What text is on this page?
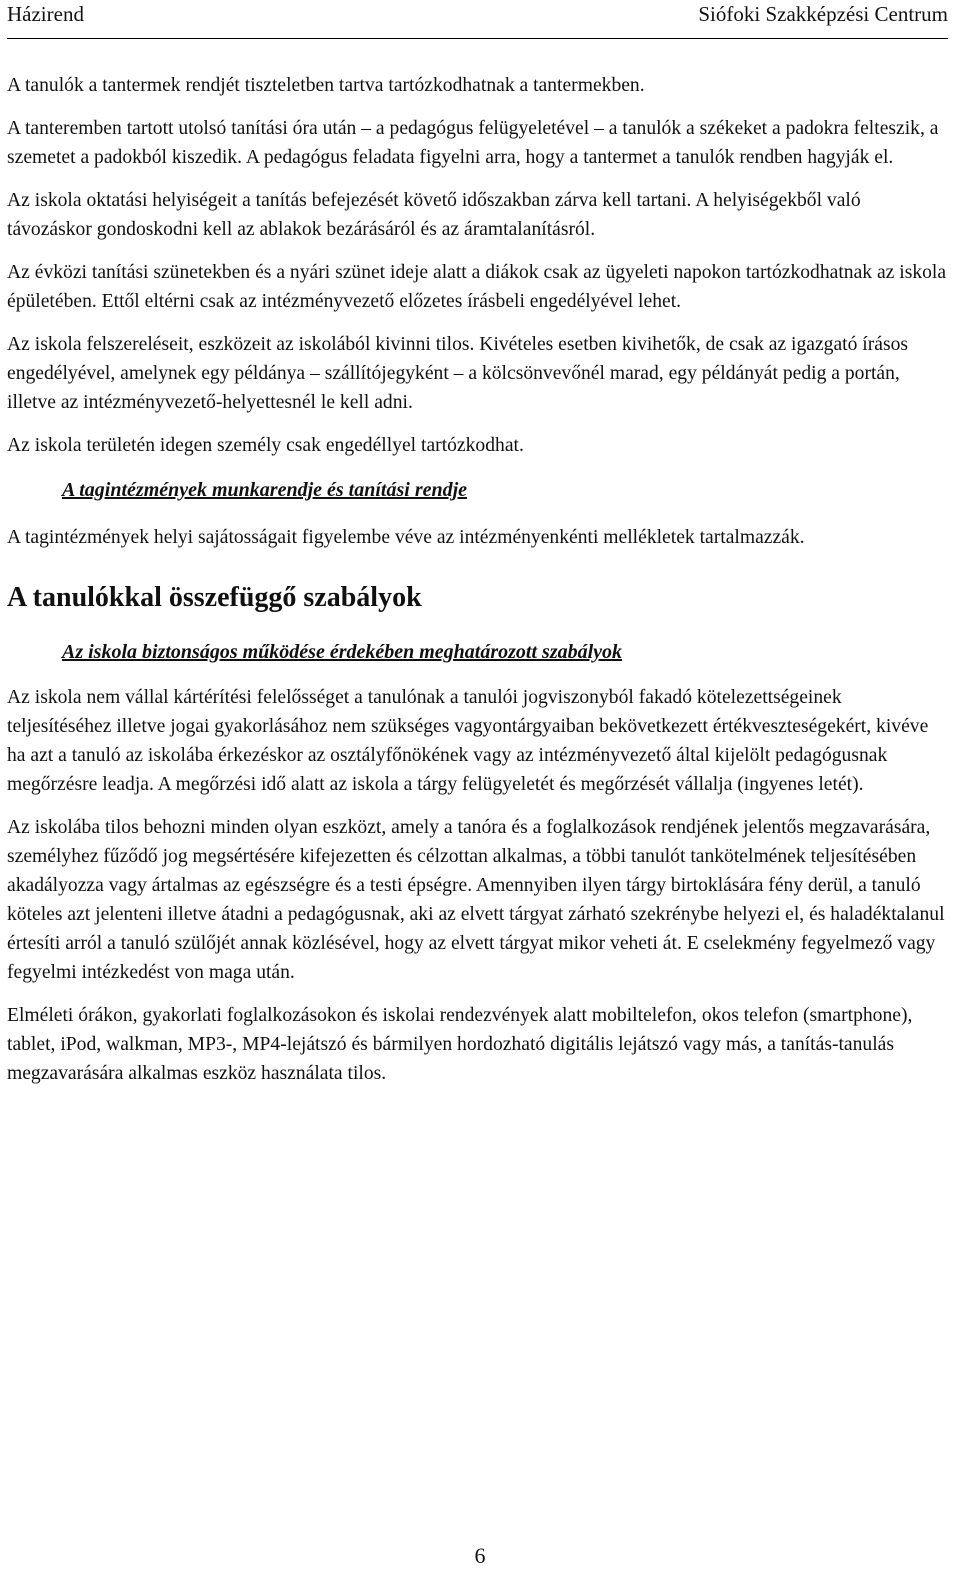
Házirend	Siófoki Szakképzési Centrum

A tanulók a tantermek rendjét tiszteletben tartva tartózkodhatnak a tantermekben.

A tanteremben tartott utolsó tanítási óra után – a pedagógus felügyeletével – a tanulók a székeket a padokra felteszik, a szemetet a padokból kiszedik. A pedagógus feladata figyelni arra, hogy a tantermet a tanulók rendben hagyják el.

Az iskola oktatási helyiségeit a tanítás befejezését követő időszakban zárva kell tartani. A helyiségekből való távozáskor gondoskodni kell az ablakok bezárásáról és az áramtalanításról.

Az évközi tanítási szünetekben és a nyári szünet ideje alatt a diákok csak az ügyeleti napokon tartózkodhatnak az iskola épületében. Ettől eltérni csak az intézményvezető előzetes írásbeli engedélyével lehet.

Az iskola felszereléseit, eszközeit az iskolából kivinni tilos. Kivételes esetben kivihetők, de csak az igazgató írásos engedélyével, amelynek egy példánya – szállítójegyként – a kölcsönvevőnél marad, egy példányát pedig a portán, illetve az intézményvezető-helyettesnél le kell adni.

Az iskola területén idegen személy csak engedéllyel tartózkodhat.

A tagintézmények munkarendje és tanítási rendje

A tagintézmények helyi sajátosságait figyelembe véve az intézményenkénti mellékletek tartalmazzák.

A tanulókkal összefüggő szabályok
Az iskola biztonságos működése érdekében meghatározott szabályok

Az iskola nem vállal kártérítési felelősséget a tanulónak a tanulói jogviszonyból fakadó kötelezettségeinek teljesítéséhez illetve jogai gyakorlásához nem szükséges vagyontárgyaiban bekövetkezett értékveszteségekért, kivéve ha azt a tanuló az iskolába érkezéskor az osztályfőnökének vagy az intézményvezető által kijelölt pedagógusnak megőrzésre leadja. A megőrzési idő alatt az iskola a tárgy felügyeletét és megőrzését vállalja (ingyenes letét).

Az iskolába tilos behozni minden olyan eszközt, amely a tanóra és a foglalkozások rendjének jelentős megzavarására, személyhez fűződő jog megsértésére kifejezetten és célzottan alkalmas, a többi tanulót tankötelmének teljesítésében akadályozza vagy ártalmas az egészségre és a testi épségre. Amennyiben ilyen tárgy birtoklására fény derül, a tanuló köteles azt jelenteni illetve átadni a pedagógusnak, aki az elvett tárgyat zárható szekrénybe helyezi el, és haladéktalanul értesíti arról a tanuló szülőjét annak közlésével, hogy az elvett tárgyat mikor veheti át. E cselekmény fegyelmező vagy fegyelmi intézkedést von maga után.

Elméleti órákon, gyakorlati foglalkozásokon és iskolai rendezvények alatt mobiltelefon, okos telefon (smartphone), tablet, iPod, walkman, MP3-, MP4-lejátszó és bármilyen hordozható digitális lejátszó vagy más, a tanítás-tanulás megzavarására alkalmas eszköz használata tilos.

6
